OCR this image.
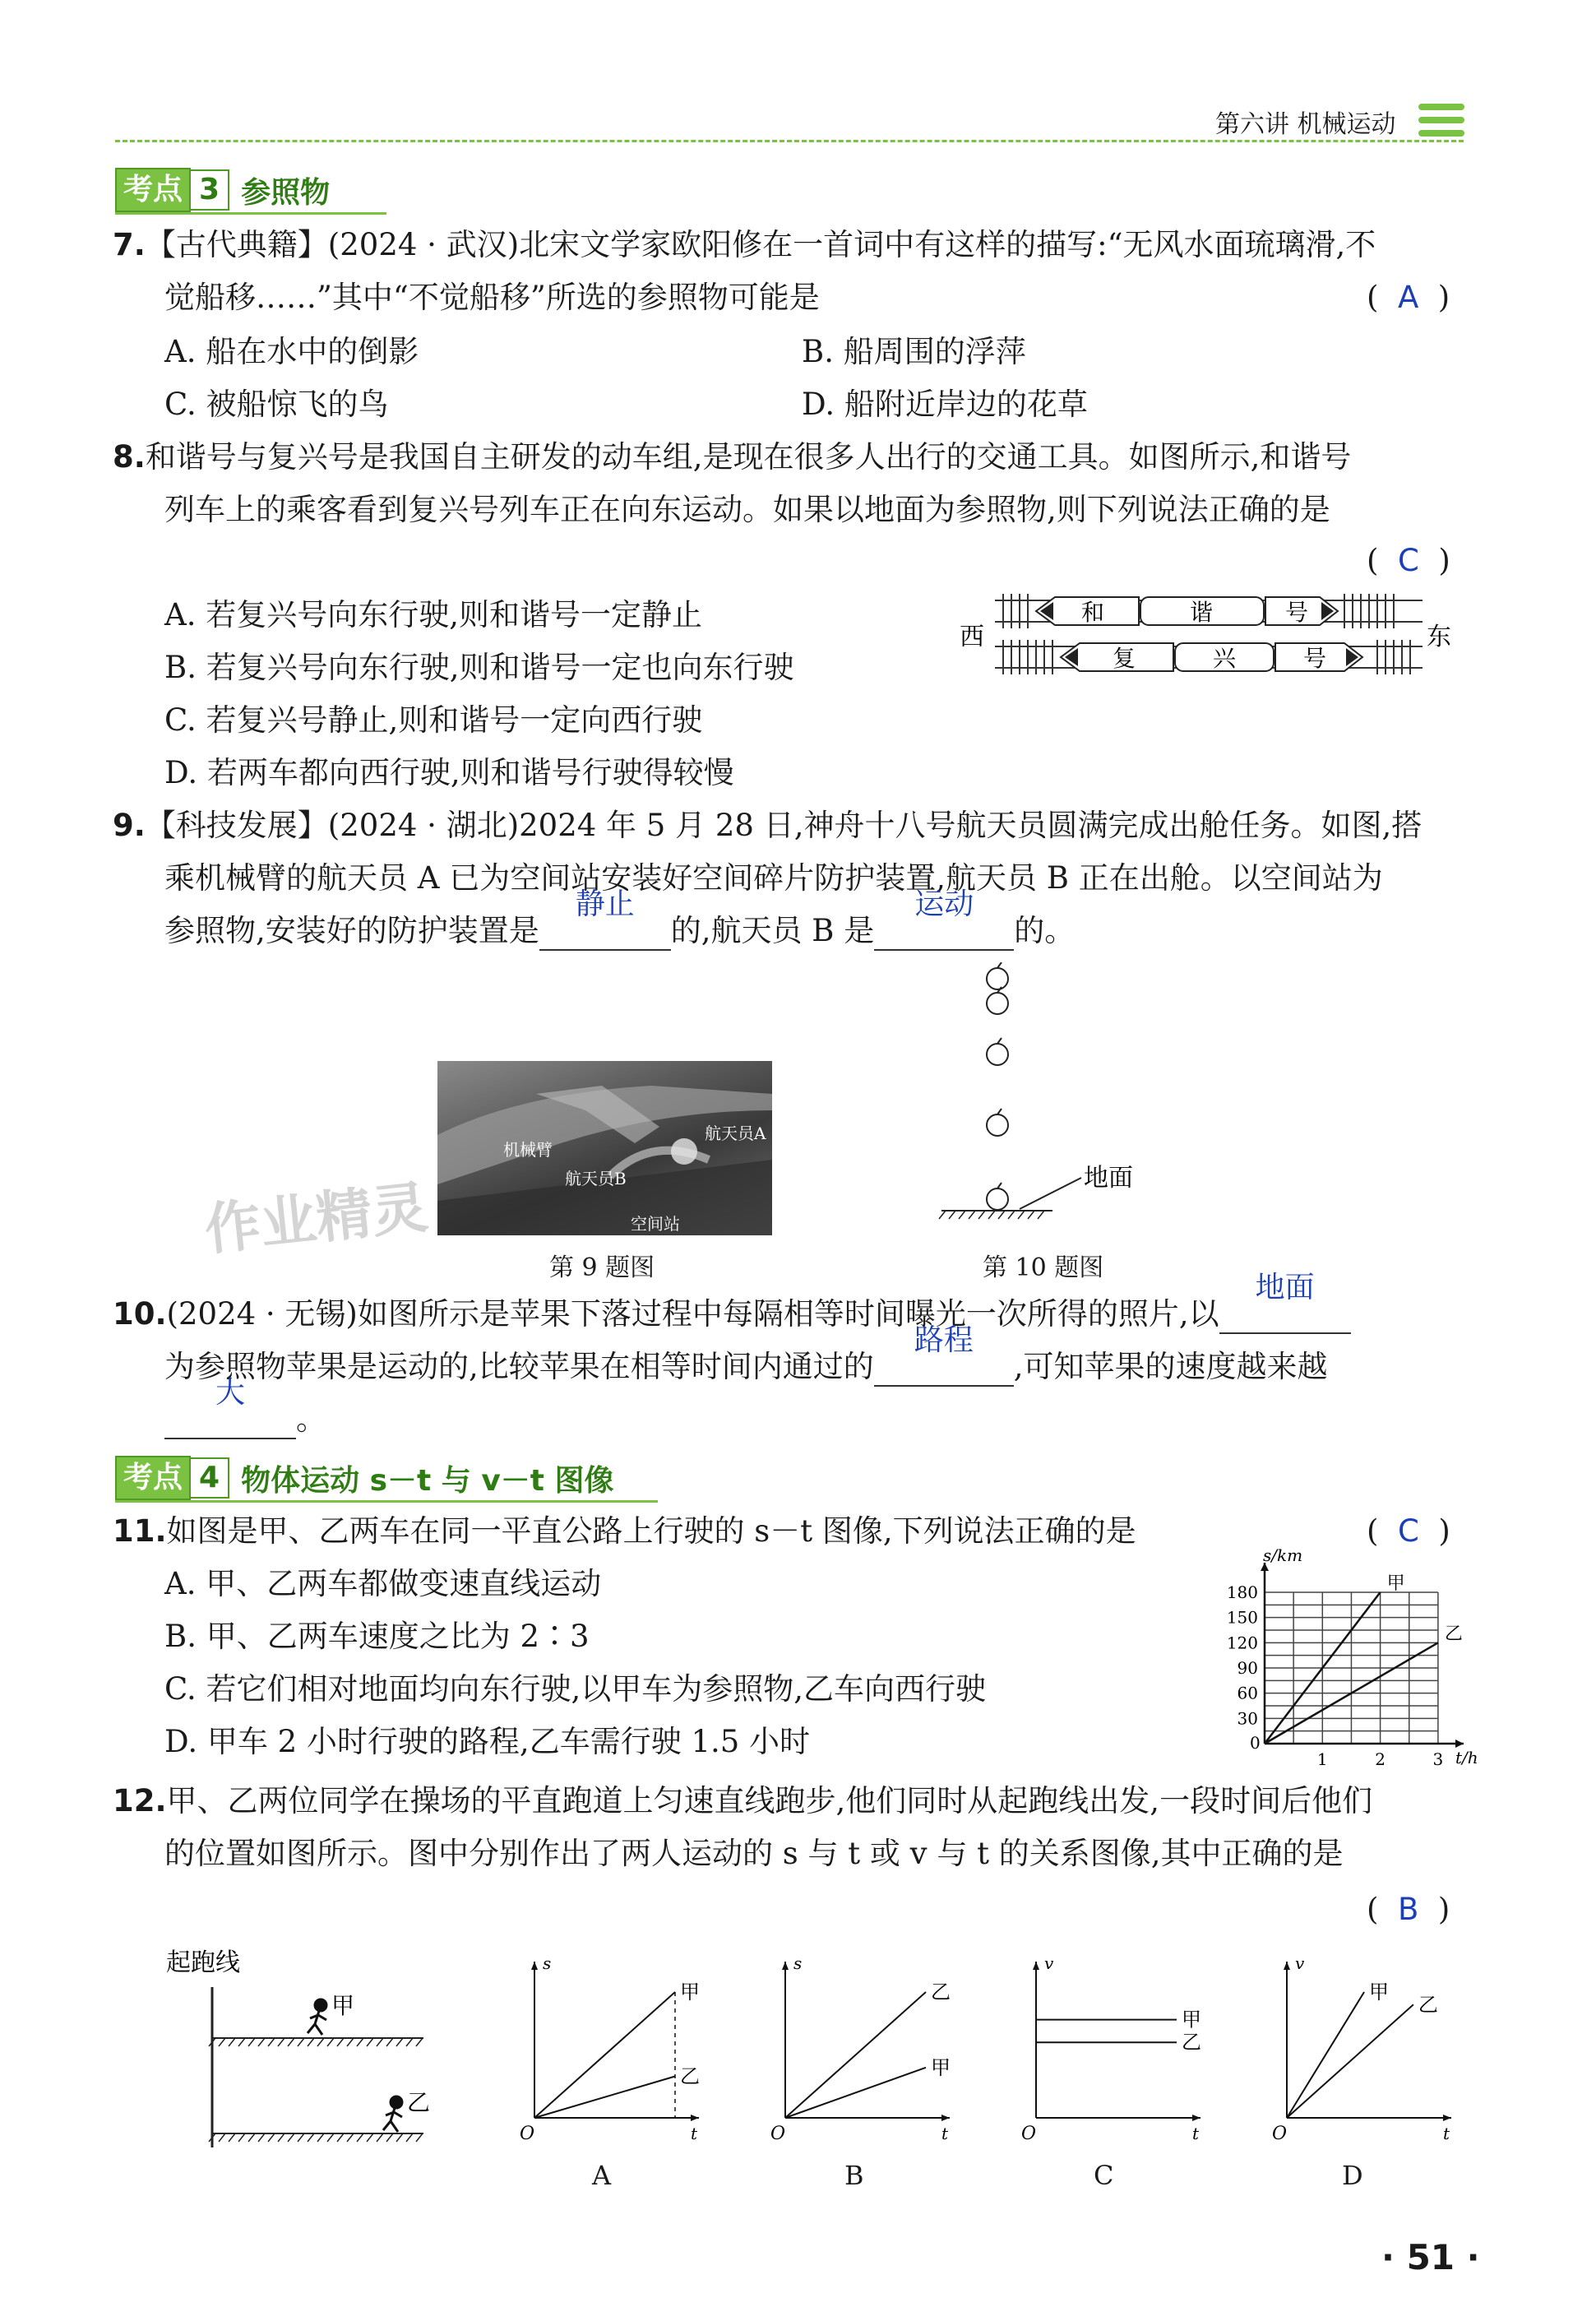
第六讲 机械运动
考点 3 参照物
7.【古代典籍】(2024 · 武汉)北宋文学家欧阳修在一首词中有这样的描写:“无风水面琉璃滑,不
觉船移……”其中“不觉船移”所选的参照物可能是	(  A  )
A. 船在水中的倒影	B. 船周围的浮萍
C. 被船惊飞的鸟	D. 船附近岸边的花草
8.和谐号与复兴号是我国自主研发的动车组,是现在很多人出行的交通工具。如图所示,和谐号
列车上的乘客看到复兴号列车正在向东运动。如果以地面为参照物,则下列说法正确的是
(  C  )
A. 若复兴号向东行驶,则和谐号一定静止
B. 若复兴号向东行驶,则和谐号一定也向东行驶
C. 若复兴号静止,则和谐号一定向西行驶
D. 若两车都向西行驶,则和谐号行驶得较慢
西	东
和	谐	号
复	兴	号
9.【科技发展】(2024 · 湖北)2024 年 5 月 28 日,神舟十八号航天员圆满完成出舱任务。如图,搭
乘机械臂的航天员 A 已为空间站安装好空间碎片防护装置,航天员 B 正在出舱。以空间站为
参照物,安装好的防护装置是
静止
的,航天员 B 是
运动
的。
机械臂
航天员B
航天员A
空间站
作业精灵
第 9 题图
地面
第 10 题图
10.(2024 · 无锡)如图所示是苹果下落过程中每隔相等时间曝光一次所得的照片,以
地面
为参照物苹果是运动的,比较苹果在相等时间内通过的
路程
,可知苹果的速度越来越

大
。
考点 4 物体运动 s－t 与 v－t 图像
11.如图是甲、乙两车在同一平直公路上行驶的 s－t 图像,下列说法正确的是	(  C  )
A. 甲、乙两车都做变速直线运动
B. 甲、乙两车速度之比为 2∶3
C. 若它们相对地面均向东行驶,以甲车为参照物,乙车向西行驶
D. 甲车 2 小时行驶的路程,乙车需行驶 1.5 小时
s/km
t/h
0
30
60
90
120
150
180
1	2	3
甲
乙
12.甲、乙两位同学在操场的平直跑道上匀速直线跑步,他们同时从起跑线出发,一段时间后他们
的位置如图所示。图中分别作出了两人运动的 s 与 t 或 v 与 t 的关系图像,其中正确的是
(  B  )
起跑线
甲
乙
s
t
O
甲
乙
s
t
O
乙
甲
v
t
O
甲
乙
v
t
O
甲
乙
A	B	C	D
· 51 ·
